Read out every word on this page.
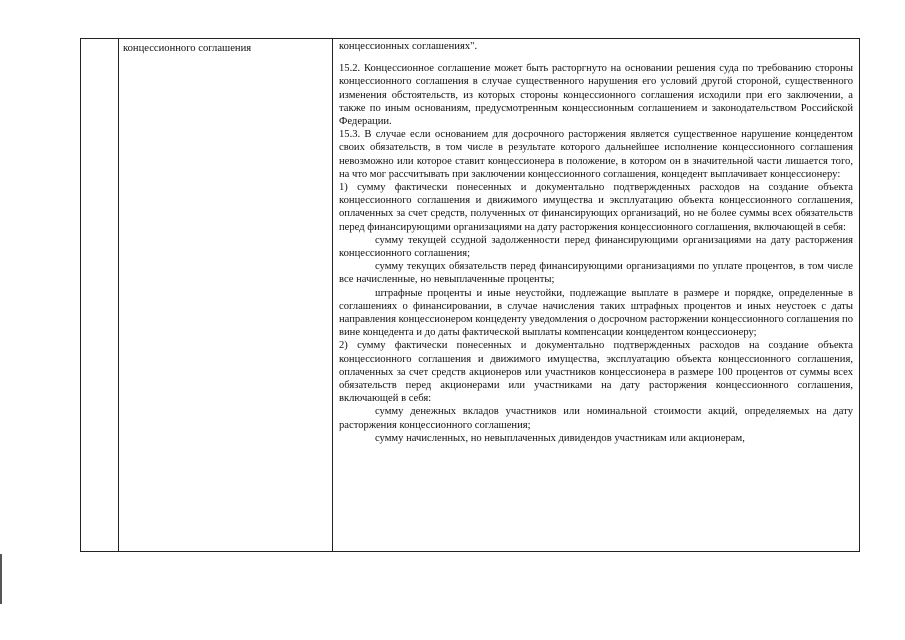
концессионного соглашения	концессионных соглашениях".

15.2. Концессионное соглашение может быть расторгнуто на основании решения суда по требованию стороны концессионного соглашения в случае существенного нарушения его условий другой стороной, существенного изменения обстоятельств, из которых стороны концессионного соглашения исходили при его заключении, а также по иным основаниям, предусмотренным концессионным соглашением и законодательством Российской Федерации.

15.3. В случае если основанием для досрочного расторжения является существенное нарушение концедентом своих обязательств, в том числе в результате которого дальнейшее исполнение концессионного соглашения невозможно или которое ставит концессионера в положение, в котором он в значительной части лишается того, на что мог рассчитывать при заключении концессионного соглашения, концедент выплачивает концессионеру:

1) сумму фактически понесенных и документально подтвержденных расходов на создание объекта концессионного соглашения и движимого имущества и эксплуатацию объекта концессионного соглашения, оплаченных за счет средств, полученных от финансирующих организаций, но не более суммы всех обязательств перед финансирующими организациями на дату расторжения концессионного соглашения, включающей в себя:

сумму текущей ссудной задолженности перед финансирующими организациями на дату расторжения концессионного соглашения;

сумму текущих обязательств перед финансирующими организациями по уплате процентов, в том числе все начисленные, но невыплаченные проценты;

штрафные проценты и иные неустойки, подлежащие выплате в размере и порядке, определенные в соглашениях о финансировании, в случае начисления таких штрафных процентов и иных неустоек с даты направления концессионером концеденту уведомления о досрочном расторжении концессионного соглашения по вине концедента и до даты фактической выплаты компенсации концедентом концессионеру;

2) сумму фактически понесенных и документально подтвержденных расходов на создание объекта концессионного соглашения и движимого имущества, эксплуатацию объекта концессионного соглашения, оплаченных за счет средств акционеров или участников концессионера в размере 100 процентов от суммы всех обязательств перед акционерами или участниками на дату расторжения концессионного соглашения, включающей в себя:

сумму денежных вкладов участников или номинальной стоимости акций, определяемых на дату расторжения концессионного соглашения;

сумму начисленных, но невыплаченных дивидендов участникам или акционерам,
